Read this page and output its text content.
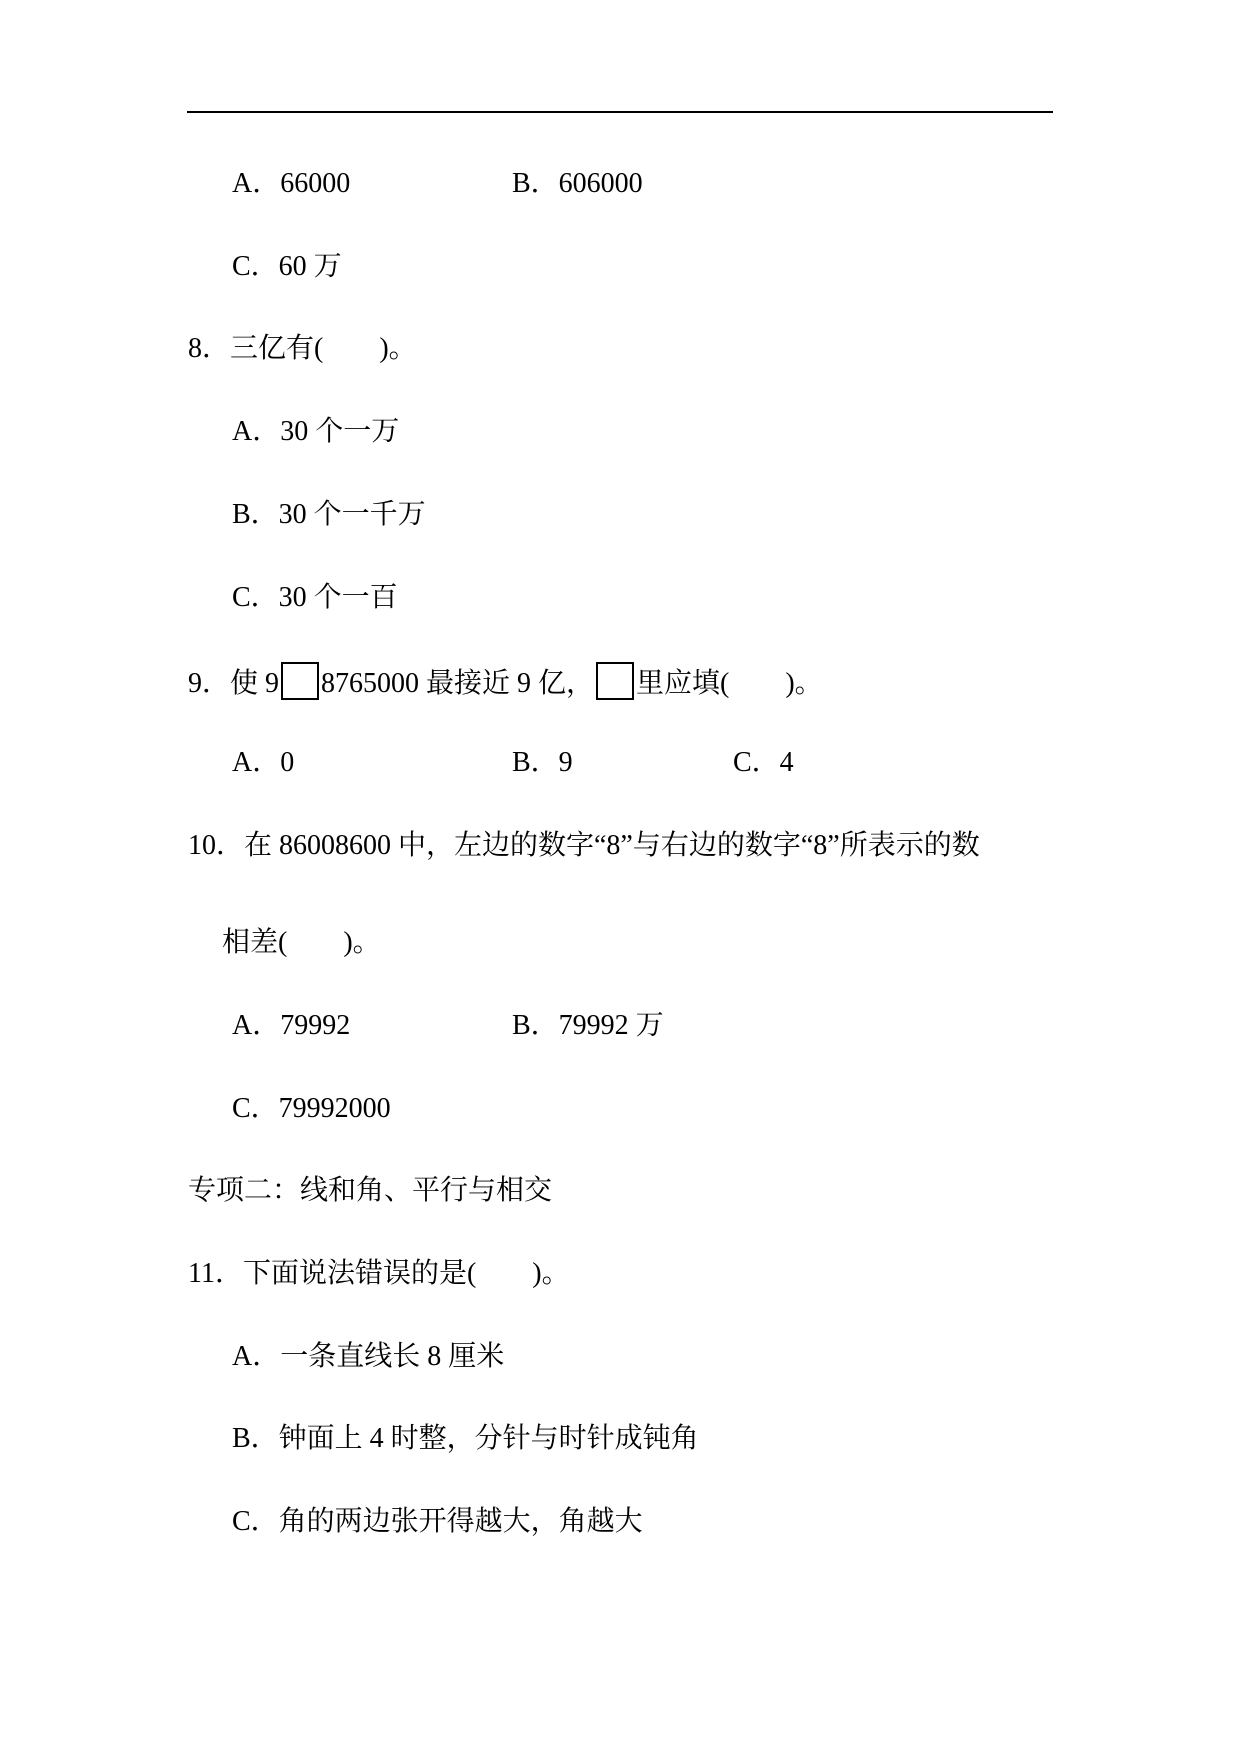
A．66000	B．606000
C．60 万
8．三亿有(　　)。
A．30 个一万
B．30 个一千万
C．30 个一百
9．使 9 8765000 最接近 9 亿， 里应填(　　)。
A．0	B．9	C．4
10．在 86008600 中，左边的数字“8”与右边的数字“8”所表示的数
相差(　　)。
A．79992	B．79992 万
C．79992000
专项二：线和角、平行与相交
11．下面说法错误的是(　　)。
A．一条直线长 8 厘米
B．钟面上 4 时整，分针与时针成钝角
C．角的两边张开得越大，角越大
